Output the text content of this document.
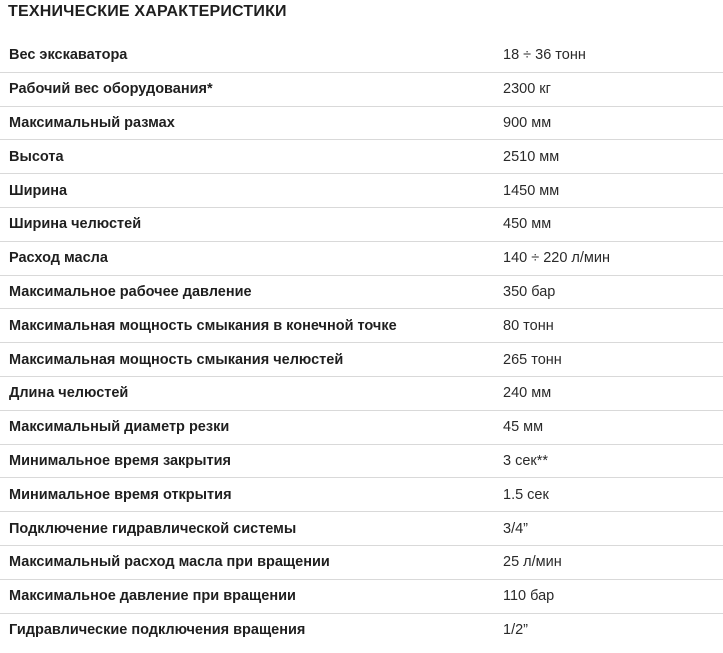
ТЕХНИЧЕСКИЕ ХАРАКТЕРИСТИКИ
Вес экскаватора	18 ÷ 36 тонн
Рабочий вес оборудования*	2300 кг
Максимальный размах	900 мм
Высота	2510 мм
Ширина	1450 мм
Ширина челюстей	450 мм
Расход масла	140 ÷ 220 л/мин
Максимальное рабочее давление	350 бар
Максимальная мощность смыкания в конечной точке	80 тонн
Максимальная мощность смыкания челюстей	265 тонн
Длина челюстей	240 мм
Максимальный диаметр резки	45 мм
Минимальное время закрытия	3 сек**
Минимальное время открытия	1.5 сек
Подключение гидравлической системы	3/4”
Максимальный расход масла при вращении	25 л/мин
Максимальное давление при вращении	110 бар
Гидравлические подключения вращения	1/2”
